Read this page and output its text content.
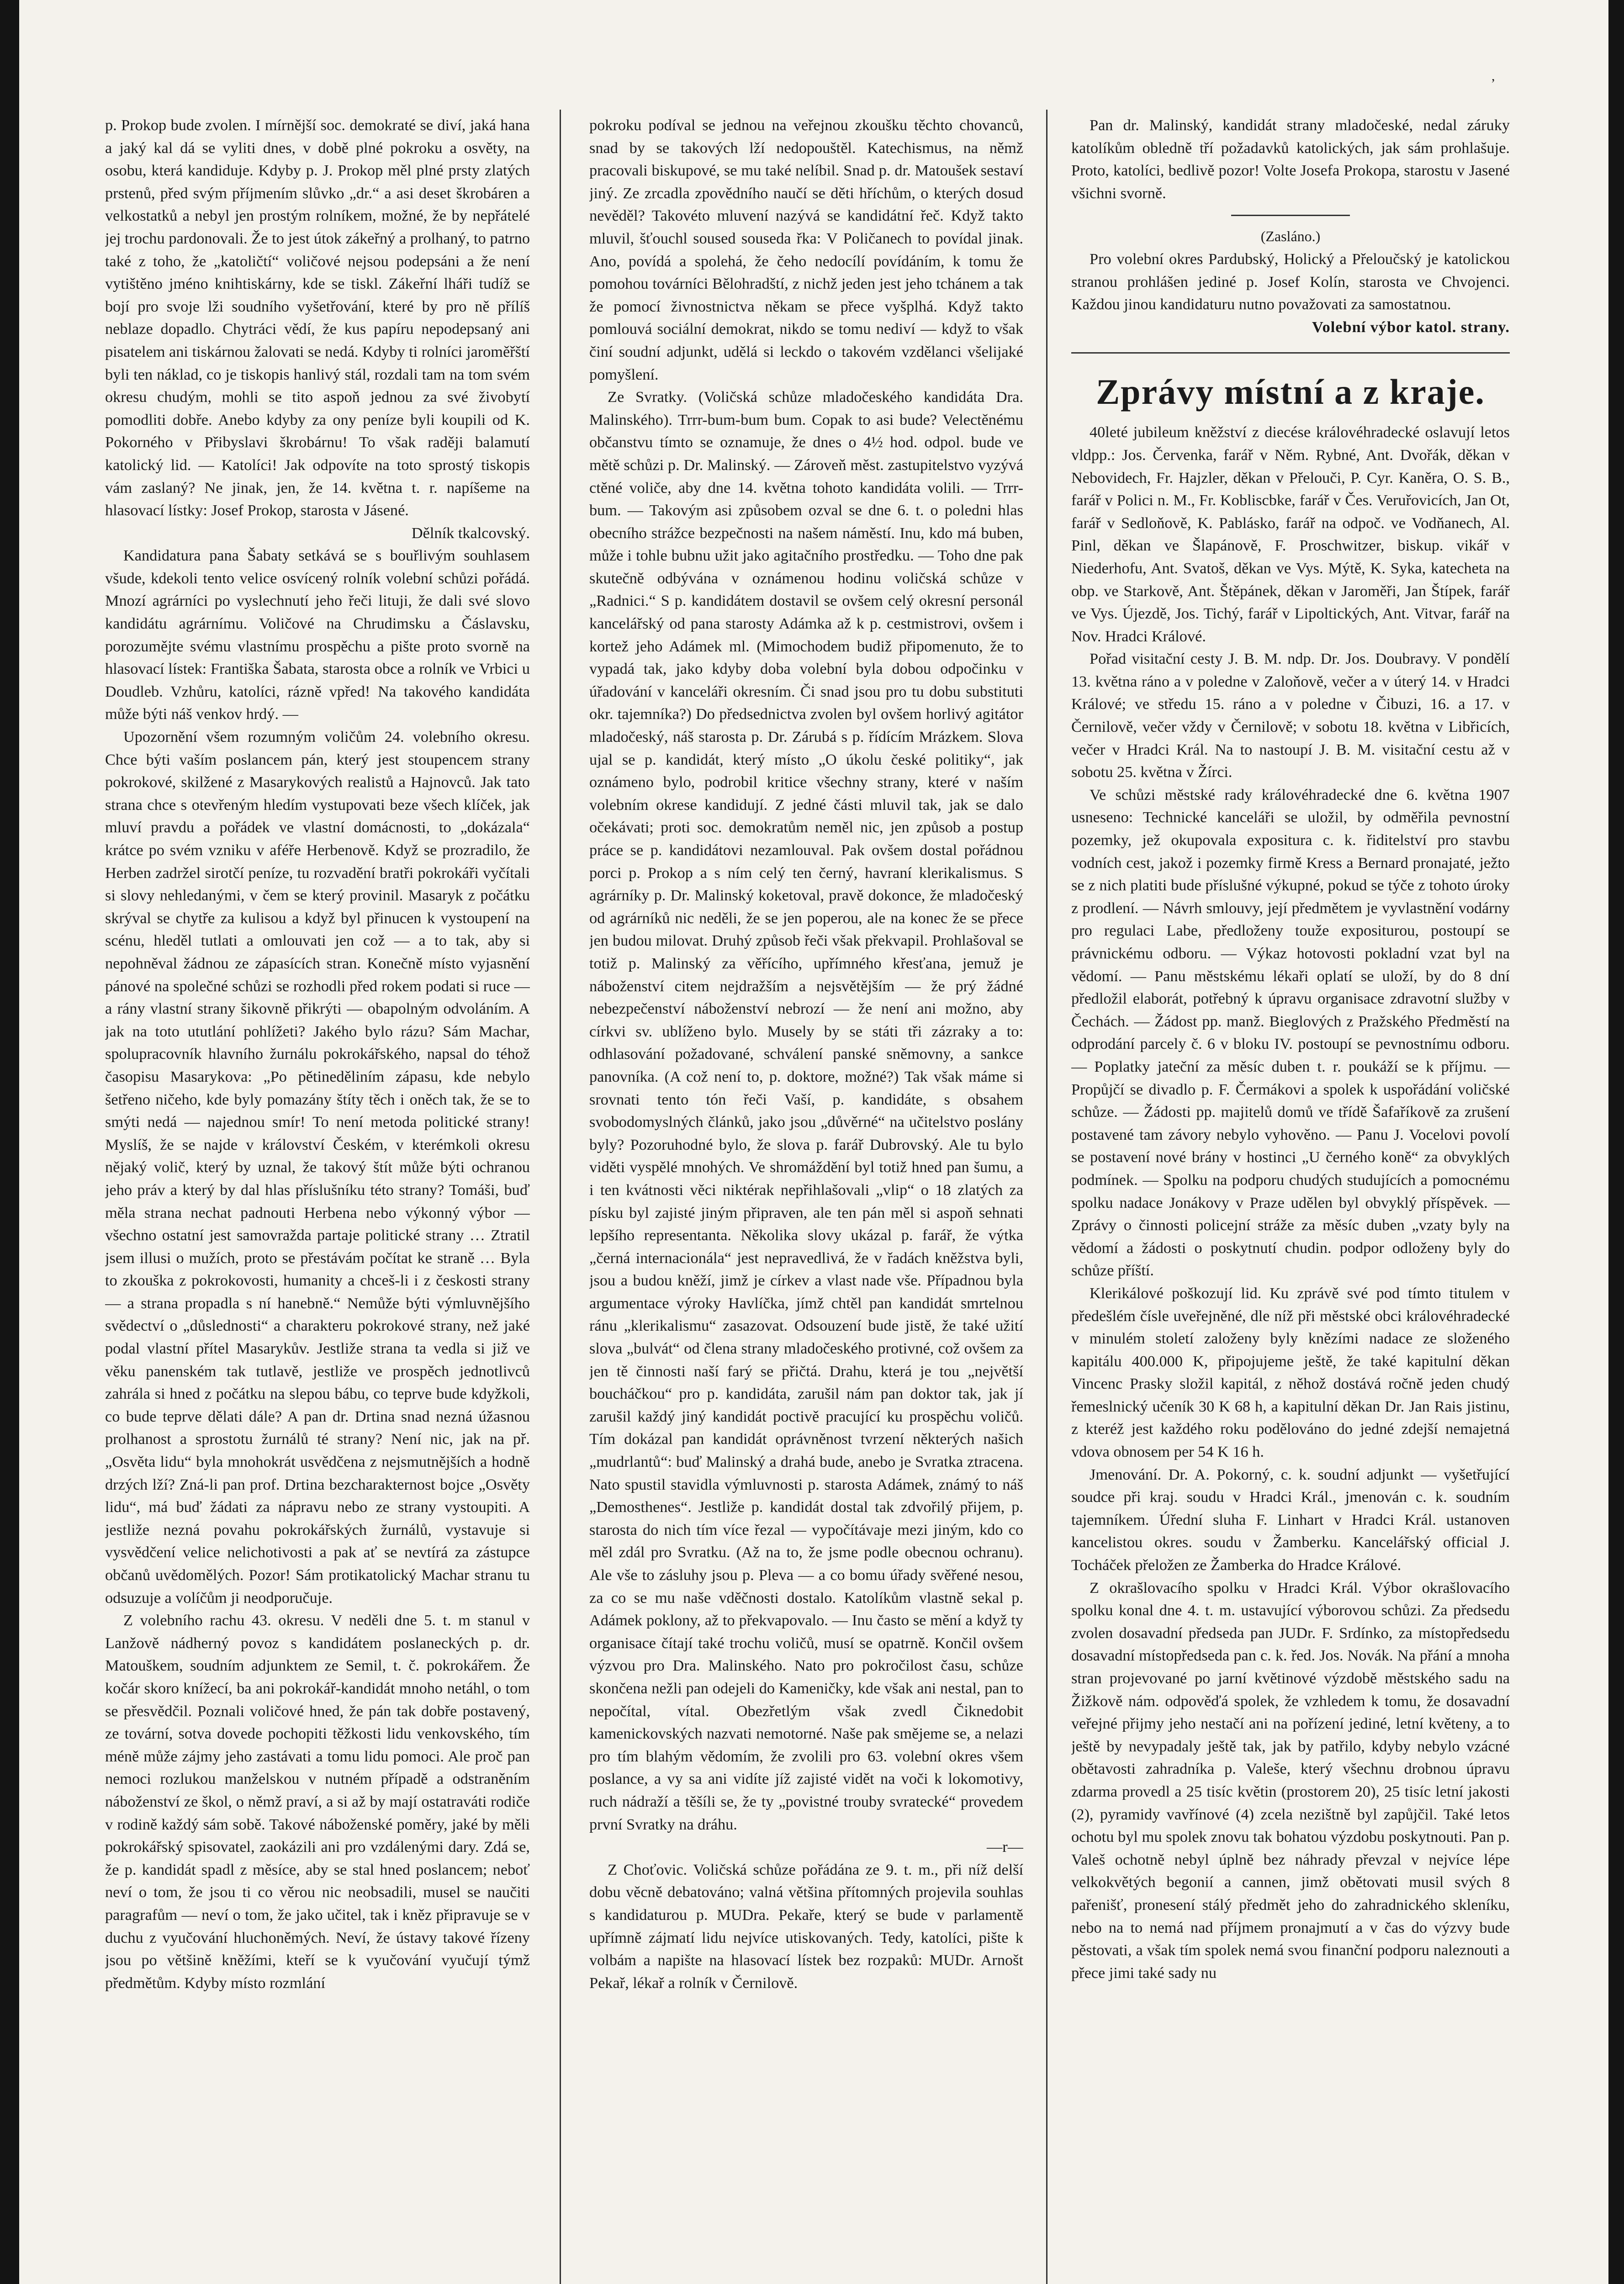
,

p. Prokop bude zvolen. I mírnější soc. demokraté se diví, jaká hana a jaký kal dá se vyliti dnes, v době plné pokroku a osvěty, na osobu, která kandiduje. Kdyby p. J. Prokop měl plné prsty zlatých prstenů, před svým příjmením slůvko „dr.“ a asi deset škrobáren a velkostatků a nebyl jen prostým rolníkem, možné, že by nepřátelé jej trochu pardonovali. Že to jest útok zákeřný a prolhaný, to patrno také z toho, že „katoličtí“ voličové nejsou podepsáni a že není vytištěno jméno knihtiskárny, kde se tiskl. Zákeřní lháři tudíž se bojí pro svoje lži soudního vyšetřování, které by pro ně přílíš neblaze dopadlo. Chytráci vědí, že kus papíru nepodepsaný ani pisatelem ani tiskárnou žalovati se nedá. Kdyby ti rolníci jaroměřští byli ten náklad, co je tiskopis hanlivý stál, rozdali tam na tom svém okresu chudým, mohli se tito aspoň jednou za své živobytí pomodliti dobře. Anebo kdyby za ony peníze byli koupili od K. Pokorného v Přibyslavi škrobárnu! To však raději balamutí katolický lid. — Katolíci! Jak odpovíte na toto sprostý tiskopis vám zaslaný? Ne jinak, jen, že 14. května t. r. napíšeme na hlasovací lístky: Josef Prokop, starosta v Jásené.

Dělník tkalcovský.

Kandidatura pana Šabaty setkává se s bouřlivým souhlasem všude, kdekoli tento velice osvícený rolník volební schůzi pořádá. Mnozí agrárníci po vyslechnutí jeho řeči lituji, že dali své slovo kandidátu agrárnímu. Voličové na Chrudimsku a Čáslavsku, porozumějte svému vlastnímu prospěchu a pište proto svorně na hlasovací lístek: Františka Šabata, starosta obce a rolník ve Vrbici u Doudleb. Vzhůru, katolíci, rázně vpřed! Na takového kandidáta může býti náš venkov hrdý. —

Upozornění všem rozumným voličům 24. volebního okresu. Chce býti vaším poslancem pán, který jest stoupencem strany pokrokové, skilžené z Masarykových realistů a Hajnovců. Jak tato strana chce s otevřeným hledím vystupovati beze všech klíček, jak mluví pravdu a pořádek ve vlastní domácnosti, to „dokázala“ krátce po svém vzniku v aféře Herbenově. Když se prozradilo, že Herben zadržel sirotčí peníze, tu rozvadění bratři pokrokáři vyčítali si slovy nehledanými, v čem se který provinil. Masaryk z počátku skrýval se chytře za kulisou a když byl přinucen k vystoupení na scénu, hleděl tutlati a omlouvati jen což — a to tak, aby si nepohněval žádnou ze zápasících stran. Konečně místo vyjasnění pánové na společné schůzi se rozhodli před rokem podati si ruce — a rány vlastní strany šikovně přikrýti — obapolným odvoláním. A jak na toto ututlání pohlížeti? Jakého bylo rázu? Sám Machar, spolupracovník hlavního žurnálu pokrokářského, napsal do téhož časopisu Masarykova: „Po pětineděliním zápasu, kde nebylo šetřeno ničeho, kde byly pomazány štíty těch i oněch tak, že se to smýti nedá — najednou smír! To není metoda politické strany! Myslíš, že se najde v království Českém, v kterémkoli okresu nějaký volič, který by uznal, že takový štít může býti ochranou jeho práv a který by dal hlas příslušníku této strany? Tomáši, buď měla strana nechat padnouti Herbena nebo výkonný výbor — všechno ostatní jest samovražda partaje politické strany … Ztratil jsem illusi o mužích, proto se přestávám počítat ke straně … Byla to zkouška z pokrokovosti, humanity a chceš-li i z českosti strany — a strana propadla s ní hanebně.“ Nemůže býti výmluvnějšího svědectví o „důslednosti“ a charakteru pokrokové strany, než jaké podal vlastní přítel Masarykův. Jestliže strana ta vedla si již ve věku panenském tak tutlavě, jestliže ve prospěch jednotlivců zahrála si hned z počátku na slepou bábu, co teprve bude kdyžkoli, co bude teprve dělati dále? A pan dr. Drtina snad nezná úžasnou prolhanost a sprostotu žurnálů té strany? Není nic, jak na př. „Osvěta lidu“ byla mnohokrát usvědčena z nejsmutnějších a hodně drzých lží? Zná-li pan prof. Drtina bezcharakternost bojce „Osvěty lidu“, má buď žádati za nápravu nebo ze strany vystoupiti. A jestliže nezná povahu pokrokářských žurnálů, vystavuje si vysvědčení velice nelichotivosti a pak ať se nevtírá za zástupce občanů uvědomělých. Pozor! Sám protikatolický Machar stranu tu odsuzuje a volíčům ji neodporučuje.

Z volebního rachu 43. okresu. V neděli dne 5. t. m stanul v Lanžově nádherný povoz s kandidátem poslaneckých p. dr. Matouškem, soudním adjunktem ze Semil, t. č. pokrokářem. Že kočár skoro knížecí, ba ani pokrokář-kandidát mnoho netáhl, o tom se přesvědčil. Poznali voličové hned, že pán tak dobře postavený, ze tovární, sotva dovede pochopiti těžkosti lidu venkovského, tím méně může zájmy jeho zastávati a tomu lidu pomoci. Ale proč pan nemoci rozlukou manželskou v nutném případě a odstraněním náboženství ze škol, o němž praví, a si až by mají ostatraváti rodiče v rodině každý sám sobě. Takové náboženské poměry, jaké by měli pokrokářský spisovatel, zaokázili ani pro vzdálenými dary. Zdá se, že p. kandidát spadl z měsíce, aby se stal hned poslancem; neboť neví o tom, že jsou ti co věrou nic neobsadili, musel se naučiti paragrafům — neví o tom, že jako učitel, tak i kněz připravuje se v duchu z vyučování hluchoněmých. Neví, že ústavy takové řízeny jsou po většině kněžími, kteří se k vyučování vyučují týmž předmětům. Kdyby místo rozmlání

pokroku podíval se jednou na veřejnou zkoušku těchto chovanců, snad by se takových lží nedopouštěl. Katechismus, na němž pracovali biskupové, se mu také nelíbil. Snad p. dr. Matoušek sestaví jiný. Ze zrcadla zpovědního naučí se děti hříchům, o kterých dosud nevěděl? Takovéto mluvení nazývá se kandidátní řeč. Když takto mluvil, šťouchl soused souseda řka: V Poličanech to povídal jinak. Ano, povídá a spolehá, že čeho nedocílí povídáním, k tomu že pomohou továrníci Bělohradští, z nichž jeden jest jeho tchánem a tak že pomocí živnostnictva někam se přece vyšplhá. Když takto pomlouvá sociální demokrat, nikdo se tomu nediví — když to však činí soudní adjunkt, udělá si leckdo o takovém vzdělanci všelijaké pomyšlení.

Ze Svratky. (Voličská schůze mladočeského kandidáta Dra. Malinského). Trrr-bum-bum bum. Copak to asi bude? Velectěnému občanstvu tímto se oznamuje, že dnes o 4½ hod. odpol. bude ve mětě schůzi p. Dr. Malinský. — Zároveň měst. zastupitelstvo vyzývá ctěné voliče, aby dne 14. května tohoto kandidáta volili. — Trrr-bum. — Takovým asi způsobem ozval se dne 6. t. o poledni hlas obecního strážce bezpečnosti na našem náměstí. Inu, kdo má buben, může i tohle bubnu užit jako agitačního prostředku. — Toho dne pak skutečně odbývána v oznámenou hodinu voličská schůze v „Radnici.“ S p. kandidátem dostavil se ovšem celý okresní personál kancelářský od pana starosty Adámka až k p. cestmistrovi, ovšem i kortež jeho Adámek ml. (Mimochodem budiž připomenuto, že to vypadá tak, jako kdyby doba volební byla dobou odpočinku v úřadování v kanceláři okresním. Či snad jsou pro tu dobu substituti okr. tajemníka?) Do předsednictva zvolen byl ovšem horlivý agitátor mladočeský, náš starosta p. Dr. Zárubá s p. řídícím Mrázkem. Slova ujal se p. kandidát, který místo „O úkolu české politiky“, jak oznámeno bylo, podrobil kritice všechny strany, které v naším volebním okrese kandidují. Z jedné části mluvil tak, jak se dalo očekávati; proti soc. demokratům neměl nic, jen způsob a postup práce se p. kandidátovi nezamlouval. Pak ovšem dostal pořádnou porci p. Prokop a s ním celý ten černý, havraní klerikalismus. S agrárníky p. Dr. Malinský koketoval, pravě dokonce, že mladočeský od agrárníků nic neděli, že se jen poperou, ale na konec že se přece jen budou milovat. Druhý způsob řeči však překvapil. Prohlašoval se totiž p. Malinský za věřícího, upřímného křesťana, jemuž je náboženství citem nejdražším a nejsvětějším — že prý žádné nebezpečenství náboženství nebrozí — že není ani možno, aby církvi sv. ublíženo bylo. Musely by se státi tři zázraky a to: odhlasování požadované, schválení panské sněmovny, a sankce panovníka. (A což není to, p. doktore, možné?) Tak však máme si srovnati tento tón řeči Vaší, p. kandidáte, s obsahem svobodomyslných článků, jako jsou „důvěrné“ na učitelstvo poslány byly? Pozoruhodné bylo, že slova p. farář Dubrovský. Ale tu bylo viděti vyspělé mnohých. Ve shromáždění byl totiž hned pan šumu, a i ten kvátnosti věci niktérak nepřihlašovali „vlip“ o 18 zlatých za písku byl zajisté jiným připraven, ale ten pán měl si aspoň sehnati lepšího representanta. Několika slovy ukázal p. farář, že výtka „černá internacionála“ jest nepravedlivá, že v řadách kněžstva byli, jsou a budou kněží, jimž je církev a vlast nade vše. Případnou byla argumentace výroky Havlíčka, jímž chtěl pan kandidát smrtelnou ránu „klerikalismu“ zasazovat. Odsouzení bude jistě, že také užití slova „bulvát“ od člena strany mladočeského protivné, což ovšem za jen tě činnosti naší farý se přičtá. Drahu, která je tou „největší boucháčkou“ pro p. kandidáta, zarušil nám pan doktor tak, jak jí zarušil každý jiný kandidát poctivě pracující ku prospěchu voličů. Tím dokázal pan kandidát oprávněnost tvrzení některých našich „mudrlantů“: buď Malinský a drahá bude, anebo je Svratka ztracena. Nato spustil stavidla výmluvnosti p. starosta Adámek, známý to náš „Demosthenes“. Jestliže p. kandidát dostal tak zdvořilý přijem, p. starosta do nich tím více řezal — vypočítávaje mezi jiným, kdo co měl zdál pro Svratku. (Až na to, že jsme podle obecnou ochranu). Ale vše to zásluhy jsou p. Pleva — a co bomu úřady svěřené nesou, za co se mu naše vděčnosti dostalo. Katolíkům vlastně sekal p. Adámek poklony, až to překvapovalo. — Inu často se mění a když ty organisace čítají také trochu voličů, musí se opatrně. Končil ovšem výzvou pro Dra. Malinského. Nato pro pokročilost času, schůze skončena nežli pan odejeli do Kameničky, kde však ani nestal, pan to nepočítal, vítal. Obezřetlým však zvedl Čiknedobit kamenickovských nazvati nemotorné. Naše pak smějeme se, a nelazi pro tím blahým vědomím, že zvolili pro 63. volební okres všem poslance, a vy sa ani vidíte jíž zajisté vidět na voči k lokomotivy, ruch nádraží a těšíli se, že ty „povistné trouby svratecké“ provedem první Svratky na dráhu.

—r—

Z Choťovic. Voličská schůze pořádána ze 9. t. m., při níž delší dobu věcně debatováno; valná většina přítomných projevila souhlas s kandidaturou p. MUDra. Pekaře, který se bude v parlamentě upřímně zájmatí lidu nejvíce utiskovaných. Tedy, katolíci, pište k volbám a napište na hlasovací lístek bez rozpaků: MUDr. Arnošt Pekař, lékař a rolník v Černilově.

Pan dr. Malinský, kandidát strany mladočeské, nedal záruky katolíkům obledně tří požadavků katolických, jak sám prohlašuje. Proto, katolíci, bedlivě pozor! Volte Josefa Prokopa, starostu v Jasené všichni svorně.

(Zasláno.)

Pro volební okres Pardubský, Holický a Přeloučský je katolickou stranou prohlášen jediné p. Josef Kolín, starosta ve Chvojenci. Každou jinou kandidaturu nutno považovati za samostatnou.

Volební výbor katol. strany.

Zprávy místní a z kraje.

40leté jubileum kněžství z diecése královéhradecké oslavují letos vldpp.: Jos. Červenka, farář v Něm. Rybné, Ant. Dvořák, děkan v Nebovidech, Fr. Hajzler, děkan v Přelouči, P. Cyr. Kaněra, O. S. B., farář v Polici n. M., Fr. Kobliscbke, farář v Čes. Veruřovicích, Jan Ot, farář v Sedloňově, K. Pablásko, farář na odpoč. ve Vodňanech, Al. Pinl, děkan ve Šlapánově, F. Proschwitzer, biskup. vikář v Niederhofu, Ant. Svatoš, děkan ve Vys. Mýtě, K. Syka, katecheta na obp. ve Starkově, Ant. Štěpánek, děkan v Jaroměři, Jan Štípek, farář ve Vys. Újezdě, Jos. Tichý, farář v Lipoltických, Ant. Vitvar, farář na Nov. Hradci Králové.

Pořad visitační cesty J. B. M. ndp. Dr. Jos. Doubravy. V pondělí 13. května ráno a v poledne v Zaloňově, večer a v úterý 14. v Hradci Králové; ve středu 15. ráno a v poledne v Čibuzi, 16. a 17. v Černilově, večer vždy v Černilově; v sobotu 18. května v Libřicích, večer v Hradci Král. Na to nastoupí J. B. M. visitační cestu až v sobotu 25. května v Žírci.

Ve schůzi městské rady královéhradecké dne 6. května 1907 usneseno: Technické kanceláři se uložil, by odměřila pevnostní pozemky, jež okupovala expositura c. k. řiditelství pro stavbu vodních cest, jakož i pozemky firmě Kress a Bernard pronajaté, ježto se z nich platiti bude příslušné výkupné, pokud se týče z tohoto úroky z prodlení. — Návrh smlouvy, její předmětem je vyvlastnění vodárny pro regulaci Labe, předloženy touže expositurou, postoupí se právnickému odboru. — Výkaz hotovosti pokladní vzat byl na vědomí. — Panu městskému lékaři oplatí se uloží, by do 8 dní předložil elaborát, potřebný k úpravu organisace zdravotní služby v Čechách. — Žádost pp. manž. Bieglových z Pražského Předměstí na odprodání parcely č. 6 v bloku IV. postoupí se pevnostnímu odboru. — Poplatky jateční za měsíc duben t. r. poukáží se k příjmu. — Propůjčí se divadlo p. F. Čermákovi a spolek k uspořádání voličské schůze. — Žádosti pp. majitelů domů ve třídě Šafaříkově za zrušení postavené tam závory nebylo vyhověno. — Panu J. Vocelovi povolí se postavení nové brány v hostinci „U černého koně“ za obvyklých podmínek. — Spolku na podporu chudých studujících a pomocnému spolku nadace Jonákovy v Praze udělen byl obvyklý příspěvek. — Zprávy o činnosti policejní stráže za měsíc duben „vzaty byly na vědomí a žádosti o poskytnutí chudin. podpor odloženy byly do schůze příští.

Klerikálové poškozují lid. Ku zprávě své pod tímto titulem v předešlém čísle uveřejněné, dle níž při městské obci královéhradecké v minulém století založeny byly knězími nadace ze složeného kapitálu 400.000 K, připojujeme ještě, že také kapitulní děkan Vincenc Prasky složil kapitál, z něhož dostává ročně jeden chudý řemeslnický učeník 30 K 68 h, a kapitulní děkan Dr. Jan Rais jistinu, z kteréž jest každého roku podělováno do jedné zdejší nemajetná vdova obnosem per 54 K 16 h.

Jmenování. Dr. A. Pokorný, c. k. soudní adjunkt — vyšetřující soudce při kraj. soudu v Hradci Král., jmenován c. k. soudním tajemníkem. Úřední sluha F. Linhart v Hradci Král. ustanoven kancelistou okres. soudu v Žamberku. Kancelářský official J. Tocháček přeložen ze Žamberka do Hradce Králové.

Z okrašlovacího spolku v Hradci Král. Výbor okrašlovacího spolku konal dne 4. t. m. ustavující výborovou schůzi. Za předsedu zvolen dosavadní předseda pan JUDr. F. Srdínko, za místopředsedu dosavadní místopředseda pan c. k. řed. Jos. Novák. Na přání a mnoha stran projevované po jarní květinové výzdobě městského sadu na Žižkově nám. odpověďá spolek, že vzhledem k tomu, že dosavadní veřejné přijmy jeho nestačí ani na pořízení jediné, letní květeny, a to ještě by nevypadaly ještě tak, jak by patřilo, kdyby nebylo vzácné obětavosti zahradníka p. Valeše, který všechnu drobnou úpravu zdarma provedl a 25 tisíc květin (prostorem 20), 25 tisíc letní jakosti (2), pyramidy vavřínové (4) zcela nezištně byl zapůjčil. Také letos ochotu byl mu spolek znovu tak bohatou výzdobu poskytnouti. Pan p. Valeš ochotně nebyl úplně bez náhrady převzal v nejvíce lépe velkokvětých begonií a cannen, jimž obětovati musil svých 8 pařenišť, pronesení stálý předmět jeho do zahradnického skleníku, nebo na to nemá nad příjmem pronajmutí a v čas do výzvy bude pěstovati, a však tím spolek nemá svou finanční podporu naleznouti a přece jimi také sady nu
